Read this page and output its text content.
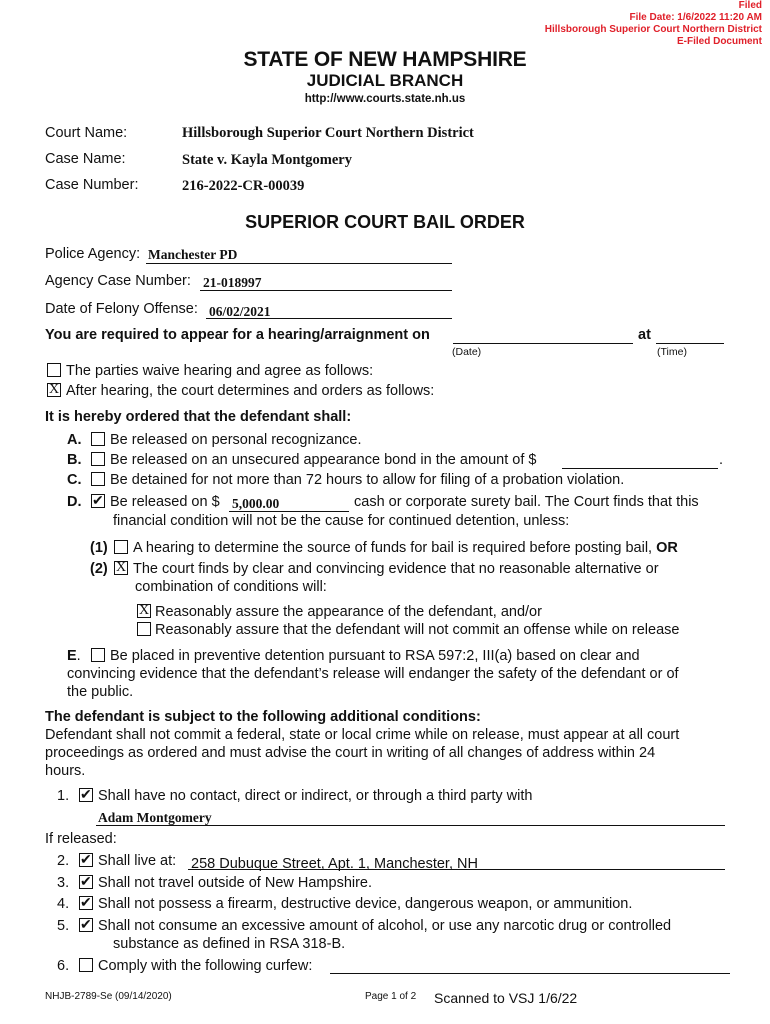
Filed
File Date: 1/6/2022 11:20 AM
Hillsborough Superior Court Northern District
E-Filed Document
STATE OF NEW HAMPSHIRE
JUDICIAL BRANCH
http://www.courts.state.nh.us
Court Name:	Hillsborough Superior Court Northern District
Case Name:	State v. Kayla Montgomery
Case Number:	216-2022-CR-00039
SUPERIOR COURT BAIL ORDER
Police Agency: Manchester PD
Agency Case Number: 21-018997
Date of Felony Offense: 06/02/2021
You are required to appear for a hearing/arraignment on	at
(Date)	(Time)
The parties waive hearing and agree as follows:
XAfter hearing, the court determines and orders as follows:
It is hereby ordered that the defendant shall:
A.	Be released on personal recognizance.
B.	Be released on an unsecured appearance bond in the amount of $	.
C.	Be detained for not more than 72 hours to allow for filing of a probation violation.
D. ✔	Be released on $ 5,000.00	cash or corporate surety bail. The Court finds that this
financial condition will not be the cause for continued detention, unless:
(1)	A hearing to determine the source of funds for bail is required before posting bail, OR
(2) X	The court finds by clear and convincing evidence that no reasonable alternative or
combination of conditions will:
XReasonably assure the appearance of the defendant, and/or
Reasonably assure that the defendant will not commit an offense while on release
E.	Be placed in preventive detention pursuant to RSA 597:2, III(a) based on clear and
convincing evidence that the defendant’s release will endanger the safety of the defendant or of
the public.
The defendant is subject to the following additional conditions:
Defendant shall not commit a federal, state or local crime while on release, must appear at all court
proceedings as ordered and must advise the court in writing of all changes of address within 24
hours.
1. ✔	Shall have no contact, direct or indirect, or through a third party with
Adam Montgomery
If released:
2. ✔	Shall live at: 258 Dubuque Street, Apt. 1, Manchester, NH
3. ✔	Shall not travel outside of New Hampshire.
4. ✔	Shall not possess a firearm, destructive device, dangerous weapon, or ammunition.
5. ✔	Shall not consume an excessive amount of alcohol, or use any narcotic drug or controlled
substance as defined in RSA 318-B.
6.	Comply with the following curfew:
NHJB-2789-Se (09/14/2020)	Page 1 of 2 Scanned to VSJ 1/6/22
